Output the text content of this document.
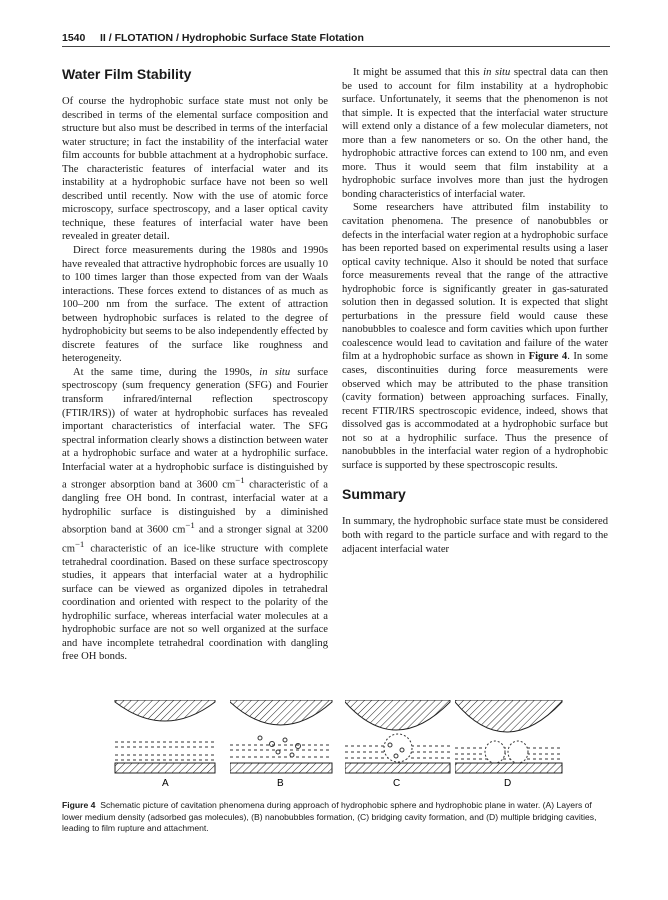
1540 II / FLOTATION / Hydrophobic Surface State Flotation
Water Film Stability

Of course the hydrophobic surface state must not only be described in terms of the elemental surface composition and structure but also must be described in terms of the interfacial water structure; in fact the instability of the interfacial water film accounts for bubble attachment at a hydrophobic surface. The characteristic features of interfacial water and its instability at a hydrophobic surface have not been so well described until recently. Now with the use of atomic force microscopy, surface spectroscopy, and a laser optical cavity technique, these features of interfacial water have been revealed in greater detail.

Direct force measurements during the 1980s and 1990s have revealed that attractive hydrophobic forces are usually 10 to 100 times larger than those expected from van der Waals interactions. These forces extend to distances of as much as 100–200 nm from the surface. The extent of attraction between hydrophobic surfaces is related to the degree of hydrophobicity but seems to be also independently effected by discrete features of the surface like roughness and heterogeneity.

At the same time, during the 1990s, in situ surface spectroscopy (sum frequency generation (SFG) and Fourier transform infrared/internal reflection spectroscopy (FTIR/IRS)) of water at hydrophobic surfaces has revealed important characteristics of interfacial water. The SFG spectral information clearly shows a distinction between water at a hydrophobic surface and water at a hydrophilic surface. Interfacial water at a hydrophobic surface is distinguished by a stronger absorption band at 3600 $cm^{-1}$ characteristic of a dangling free OH bond. In contrast, interfacial water at a hydrophilic surface is distinguished by a diminished absorption band at 3600 $cm^{-1}$ and a stronger signal at 3200 $cm^{-1}$ characteristic of an ice-like structure with complete tetrahedral coordination. Based on these surface spectroscopy studies, it appears that interfacial water at a hydrophilic surface can be viewed as organized dipoles in tetrahedral coordination and oriented with respect to the polarity of the hydrophilic surface, whereas interfacial water molecules at a hydrophobic surface are not so well organized at the surface and have incomplete tetrahedral coordination with dangling free OH bonds.

It might be assumed that this in situ spectral data can then be used to account for film instability at a hydrophobic surface. Unfortunately, it seems that the phenomenon is not that simple. It is expected that the interfacial water structure will extend only a distance of a few molecular diameters, not more than a few nanometers or so. On the other hand, the hydrophobic attractive forces can extend to 100 nm, and even more. Thus it would seem that film instability at a hydrophobic surface involves more than just the hydrogen bonding characteristics of interfacial water.

Some researchers have attributed film instability to cavitation phenomena. The presence of nanobubbles or defects in the interfacial water region at a hydrophobic surface has been reported based on experimental results using a laser optical cavity technique. Also it should be noted that surface force measurements reveal that the range of the attractive hydrophobic force is significantly greater in gas-saturated solution then in degassed solution. It is expected that slight perturbations in the pressure field would cause these nanobubbles to coalesce and form cavities which upon further coalescence would lead to cavitation and failure of the water film at a hydrophobic surface as shown in Figure 4. In some cases, discontinuities during force measurements were observed which may be attributed to the phase transition (cavity formation) between approaching surfaces. Finally, recent FTIR/IRS spectroscopic evidence, indeed, shows that dissolved gas is accommodated at a hydrophobic surface but not so at a hydrophilic surface. Thus the presence of nanobubbles in the interfacial water region of a hydrophobic surface is supported by these spectroscopic results.

Summary

In summary, the hydrophobic surface state must be considered both with regard to the particle surface and with regard to the adjacent interfacial water

A	B	C	D
Figure 4 Schematic picture of cavitation phenomena during approach of hydrophobic sphere and hydrophobic plane in water. (A) Layers of lower medium density (adsorbed gas molecules), (B) nanobubbles formation, (C) bridging cavity formation, and (D) multiple bridging cavities, leading to film rupture and attachment.
